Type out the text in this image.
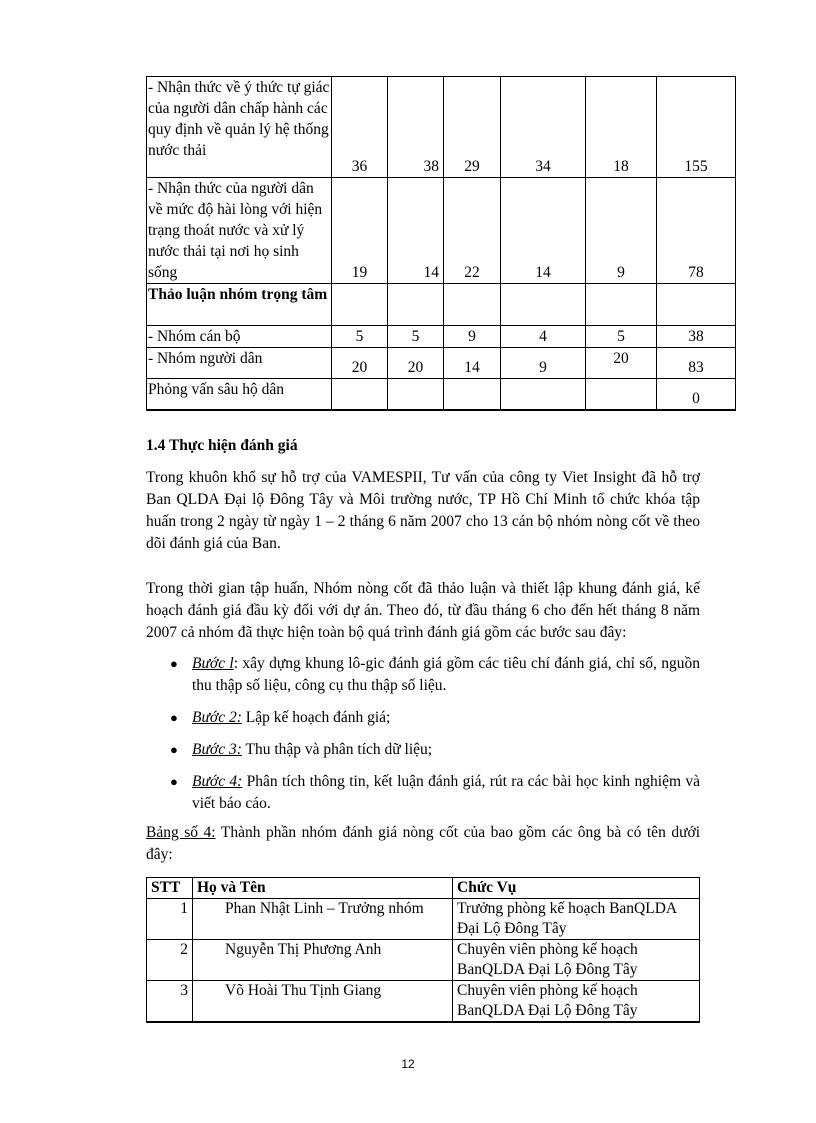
- Nhận thức về ý thức tự giác của người dân chấp hành các quy định về quản lý hệ thống nước thải	36	38	29	34	18	155
- Nhận thức của người dân về mức độ hài lòng với hiện trạng thoát nước và xử lý nước thải tại nơi họ sinh sống	19	14	22	14	9	78
Thảo luận nhóm trọng tâm						
- Nhóm cán bộ	5	5	9	4	5	38
- Nhóm người dân	20	20	14	9	20	83
Phỏng vấn sâu hộ dân						0
1.4 Thực hiện đánh giá
Trong khuôn khổ sự hỗ trợ của VAMESPII, Tư vấn của công ty Viet Insight đã hỗ trợ Ban QLDA Đại lộ Đông Tây và Môi trường nước, TP Hồ Chí Minh tổ chức khóa tập huấn trong 2 ngày từ ngày 1 – 2 tháng 6 năm 2007 cho 13 cán bộ nhóm nòng cốt về theo dõi đánh giá của Ban.
Trong thời gian tập huấn, Nhóm nòng cốt đã thảo luận và thiết lập khung đánh giá, kế hoạch đánh giá đầu kỳ đối với dự án. Theo đó, từ đầu tháng 6 cho đến hết tháng 8 năm 2007 cả nhóm đã thực hiện toàn bộ quá trình đánh giá gồm các bước sau đây:
● Bước l: xây dựng khung lô-gic đánh giá gồm các tiêu chí đánh giá, chỉ số, nguồn thu thập số liệu, công cụ thu thập số liệu.
● Bước 2: Lập kế hoạch đánh giá;
● Bước 3: Thu thập và phân tích dữ liệu;
● Bước 4: Phân tích thông tin, kết luận đánh giá, rút ra các bài học kinh nghiệm và viết báo cáo.
Bảng số 4: Thành phần nhóm đánh giá nòng cốt của bao gồm các ông bà có tên dưới đây:
STT	Họ và Tên	Chức Vụ
1	Phan Nhật Linh – Trưởng nhóm	Trưởng phòng kế hoạch BanQLDA Đại Lộ Đông Tây
2	Nguyễn Thị Phương Anh	Chuyên viên phòng kế hoạch BanQLDA Đại Lộ Đông Tây
3	Võ Hoài Thu Tịnh Giang	Chuyên viên phòng kế hoạch BanQLDA Đại Lộ Đông Tây
12
